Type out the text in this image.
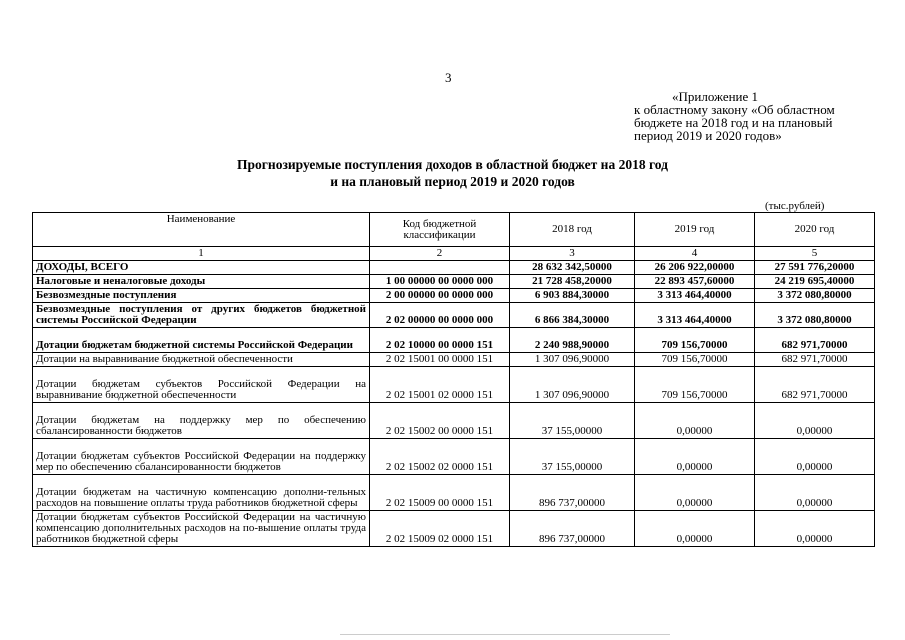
3
«Приложение 1
к областному закону «Об областном
бюджете на 2018 год и на плановый
период 2019 и 2020 годов»
Прогнозируемые поступления доходов в областной бюджет на 2018 год
и на плановый период 2019 и 2020 годов
(тыс.рублей)
Наименование	Код бюджетной классификации	2018 год	2019 год	2020 год
1	2	3	4	5
ДОХОДЫ, ВСЕГО		28 632 342,50000	26 206 922,00000	27 591 776,20000
Налоговые и неналоговые доходы	1 00 00000 00 0000 000	21 728 458,20000	22 893 457,60000	24 219 695,40000
Безвозмездные поступления	2 00 00000 00 0000 000	6 903 884,30000	3 313 464,40000	3 372 080,80000
Безвозмездные поступления от других бюджетов бюджетной системы Российской Федерации	2 02 00000 00 0000 000	6 866 384,30000	3 313 464,40000	3 372 080,80000
Дотации бюджетам бюджетной системы Российской Федерации	2 02 10000 00 0000 151	2 240 988,90000	709 156,70000	682 971,70000
Дотации на выравнивание бюджетной обеспеченности	2 02 15001 00 0000 151	1 307 096,90000	709 156,70000	682 971,70000
Дотации бюджетам субъектов Российской Федерации на выравнивание бюджетной обеспеченности	2 02 15001 02 0000 151	1 307 096,90000	709 156,70000	682 971,70000
Дотации бюджетам на поддержку мер по обеспечению сбалансированности бюджетов	2 02 15002 00 0000 151	37 155,00000	0,00000	0,00000
Дотации бюджетам субъектов Российской Федерации на поддержку мер по обеспечению сбалансированности бюджетов	2 02 15002 02 0000 151	37 155,00000	0,00000	0,00000
Дотации бюджетам на частичную компенсацию дополни-тельных расходов на повышение оплаты труда работников бюджетной сферы	2 02 15009 00 0000 151	896 737,00000	0,00000	0,00000
Дотации бюджетам субъектов Российской Федерации на частичную компенсацию дополнительных расходов на по-вышение оплаты труда работников бюджетной сферы	2 02 15009 02 0000 151	896 737,00000	0,00000	0,00000
